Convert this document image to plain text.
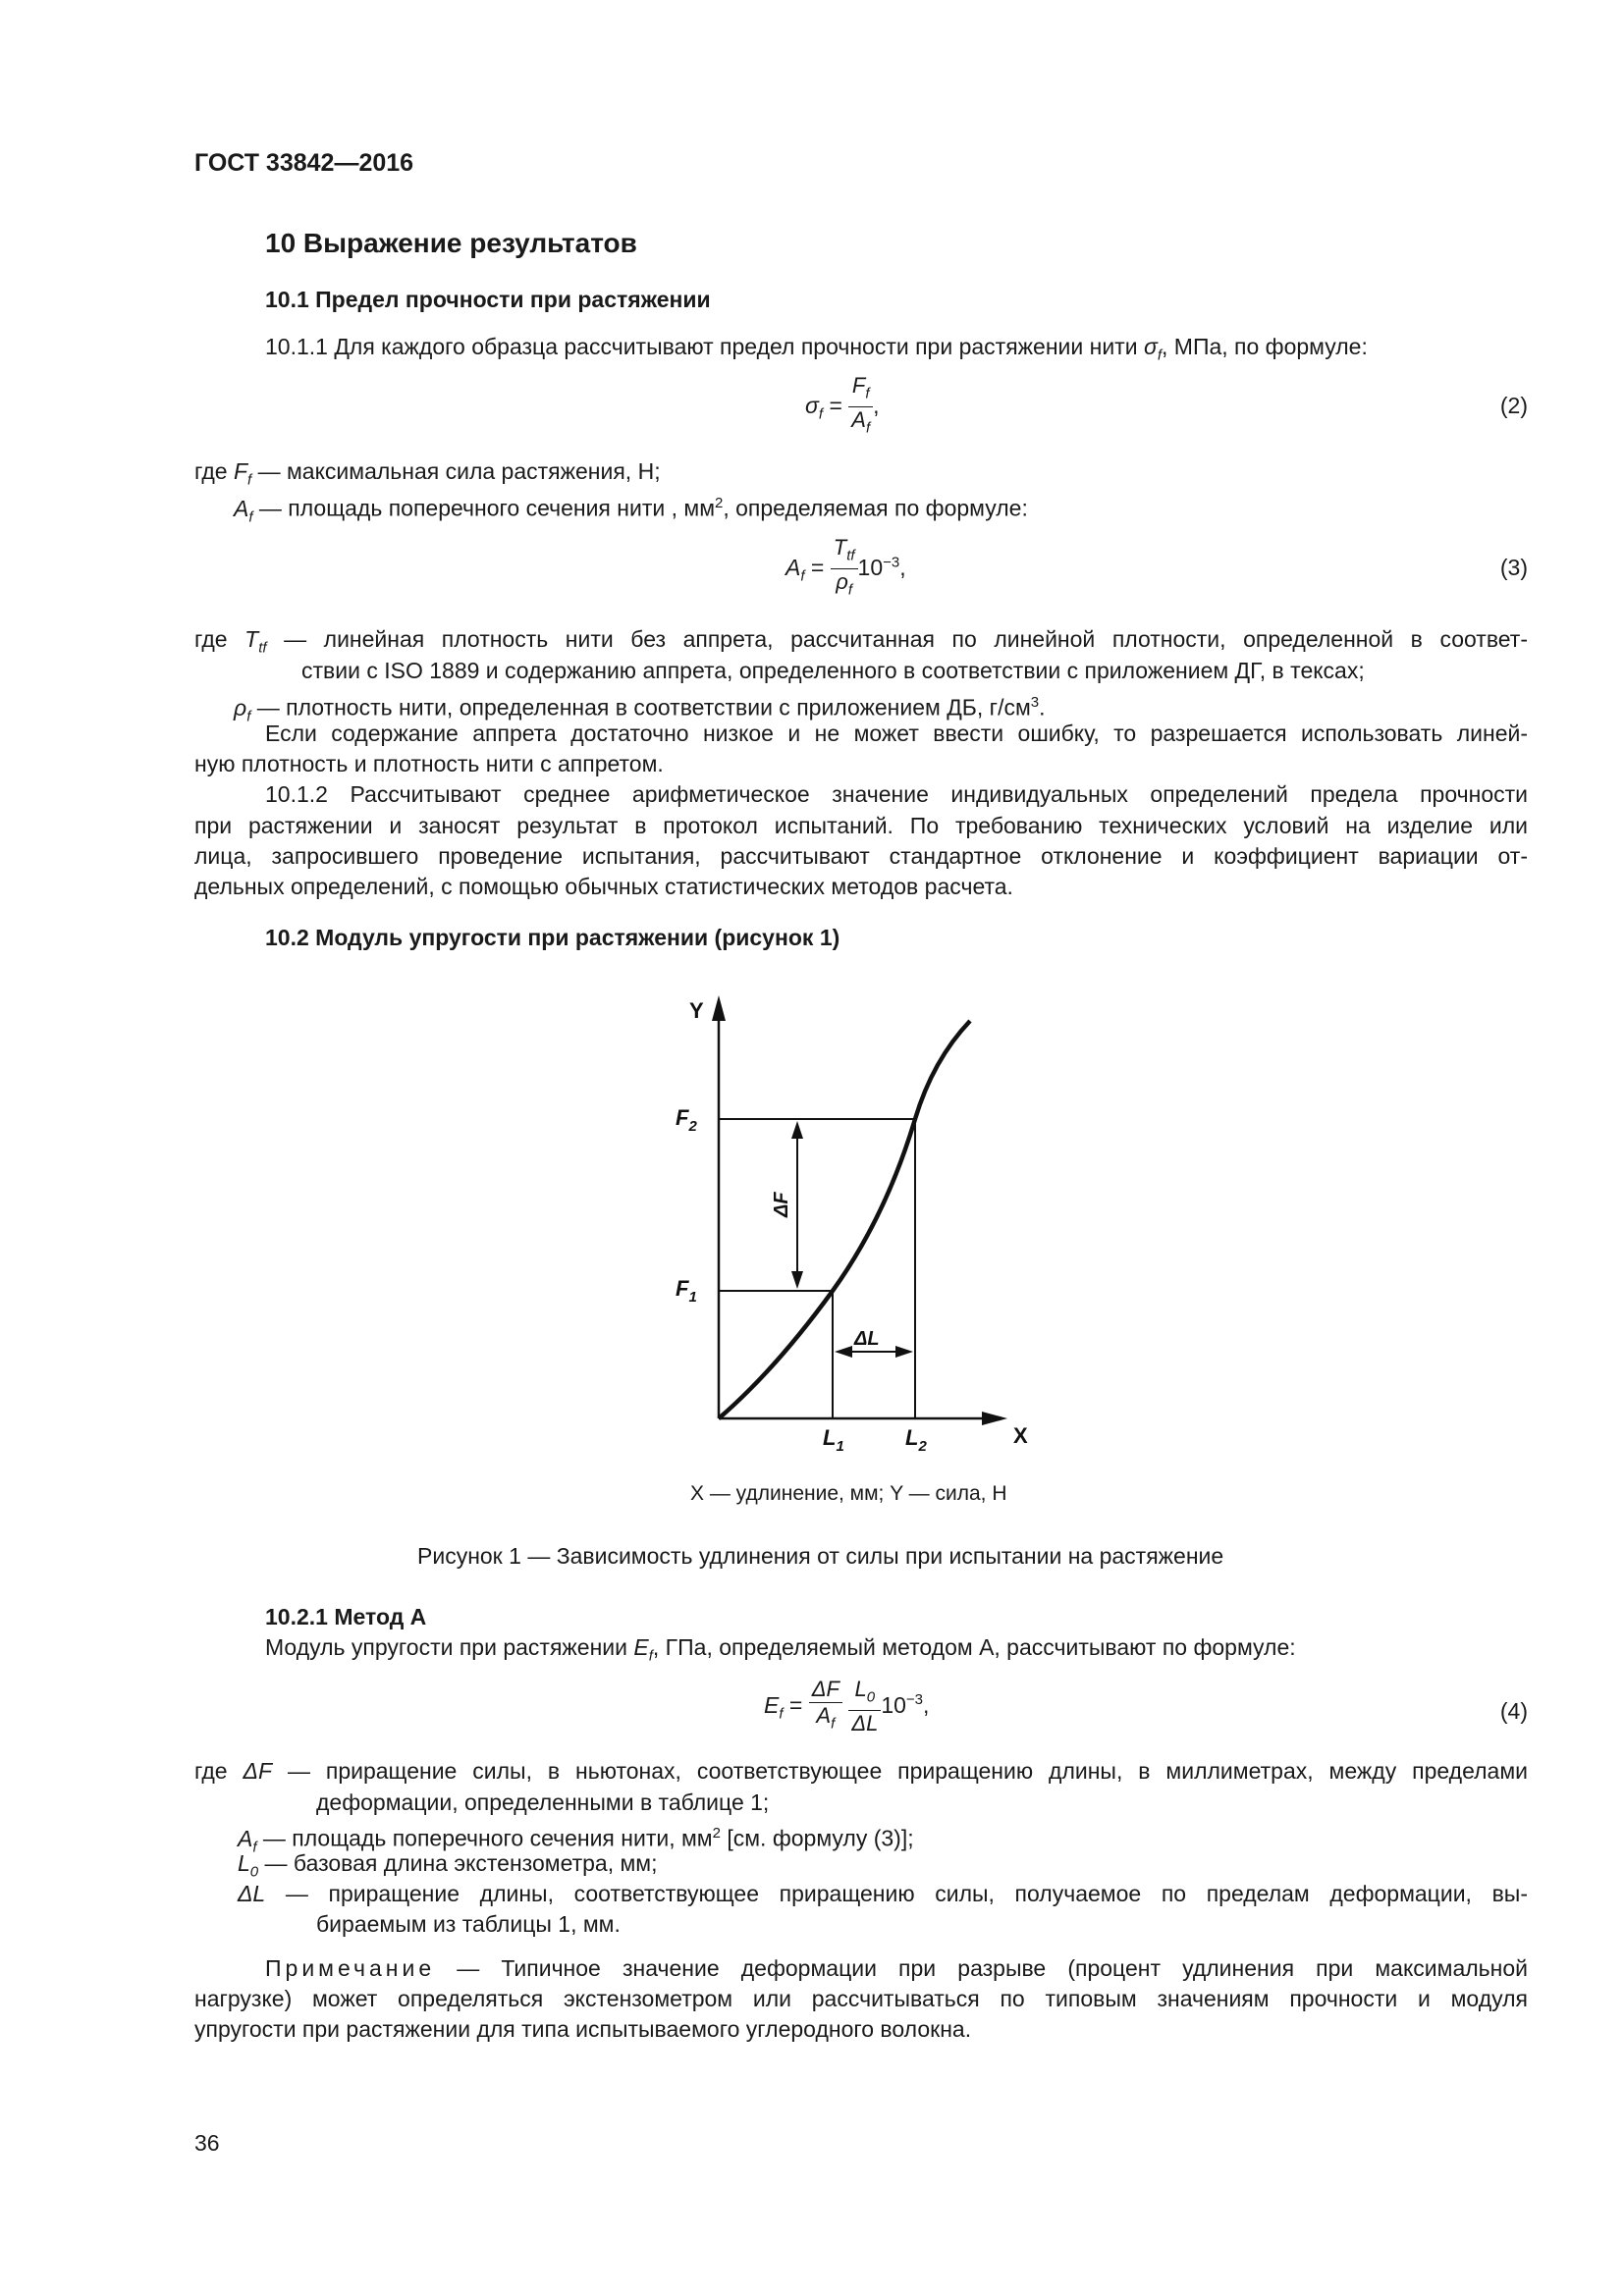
ГОСТ 33842—2016
10 Выражение результатов
10.1 Предел прочности при растяжении
10.1.1 Для каждого образца рассчитывают предел прочности при растяжении нити $\sigma_f$, МПа, по формуле:
$\sigma_f = \frac{F_f}{A_f}$ ,	(2)
где $F_f$ — максимальная сила растяжения, Н;
$A_f$ — площадь поперечного сечения нити , $мм^2$, определяемая по формуле:
$A_f = \frac{T_{tf}}{\rho_f} 10^{-3}$,	(3)
где $T_{tf}$ — линейная плотность нити без аппрета, рассчитанная по линейной плотности, определенной в соответ-
ствии с ISO 1889 и содержанию аппрета, определенного в соответствии с приложением ДГ, в тексах;
$\rho_f$ — плотность нити, определенная в соответствии с приложением ДБ, $г/см^3$.
Если содержание аппрета достаточно низкое и не может ввести ошибку, то разрешается использовать линей-
ную плотность и плотность нити с аппретом.
10.1.2 Рассчитывают среднее арифметическое значение индивидуальных определений предела прочности
при растяжении и заносят результат в протокол испытаний. По требованию технических условий на изделие или
лица, запросившего проведение испытания, рассчитывают стандартное отклонение и коэффициент вариации от-
дельных определений, с помощью обычных статистических методов расчета.
10.2 Модуль упругости при растяжении (рисунок 1)
Y
X
$F_2$
$F_1$
$L_1$	$L_2$
ΔF
ΔL
X — удлинение, мм; Y — сила, Н
Рисунок 1 — Зависимость удлинения от силы при испытании на растяжение
10.2.1 Метод А
Модуль упругости при растяжении $E_f$, ГПа, определяемый методом А, рассчитывают по формуле:
$E_f = \frac{\Delta F}{A_f}$
$\frac{L_0}{\Delta L} 10^{-3}$,	(4)
где ΔF — приращение силы, в ньютонах, соответствующее приращению длины, в миллиметрах, между пределами
деформации, определенными в таблице 1;
$A_f$ — площадь поперечного сечения нити, $мм^2$ [см. формулу (3)];
$L_0$ — базовая длина экстензометра, мм;
ΔL — приращение длины, соответствующее приращению силы, получаемое по пределам деформации, вы-
бираемым из таблицы 1, мм.
Примечание — Типичное значение деформации при разрыве (процент удлинения при максимальной
нагрузке) может определяться экстензометром или рассчитываться по типовым значениям прочности и модуля
упругости при растяжении для типа испытываемого углеродного волокна.
36
